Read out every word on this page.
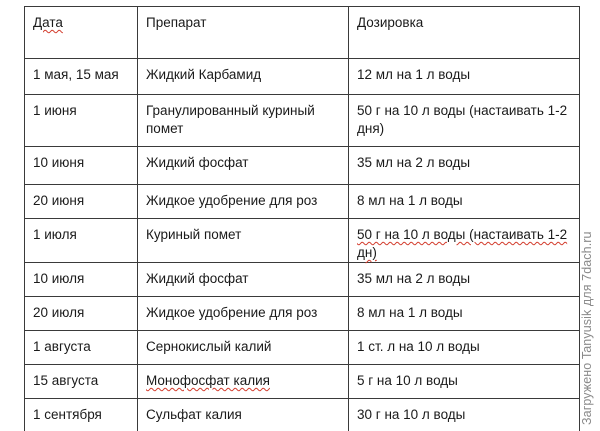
Дата	Препарат	Дозировка
1 мая, 15 мая	Жидкий Карбамид	12 мл на 1 л воды
1 июня	Гранулированный куриный помет	50 г на 10 л воды (настаивать 1-2 дня)
10 июня	Жидкий фосфат	35 мл на 2 л воды
20 июня	Жидкое удобрение для роз	8 мл на 1 л воды
1 июля	Куриный помет	50 г на 10 л воды (настаивать 1-2 дн)
10 июля	Жидкий фосфат	35 мл на 2 л воды
20 июля	Жидкое удобрение для роз	8 мл на 1 л воды
1 августа	Сернокислый калий	1 ст. л на 10 л воды
15 августа	Монофосфат калия	5 г на 10 л воды
1 сентября	Сульфат калия	30 г на 10 л воды	Загружено Tanyusik для 7dach.ru
